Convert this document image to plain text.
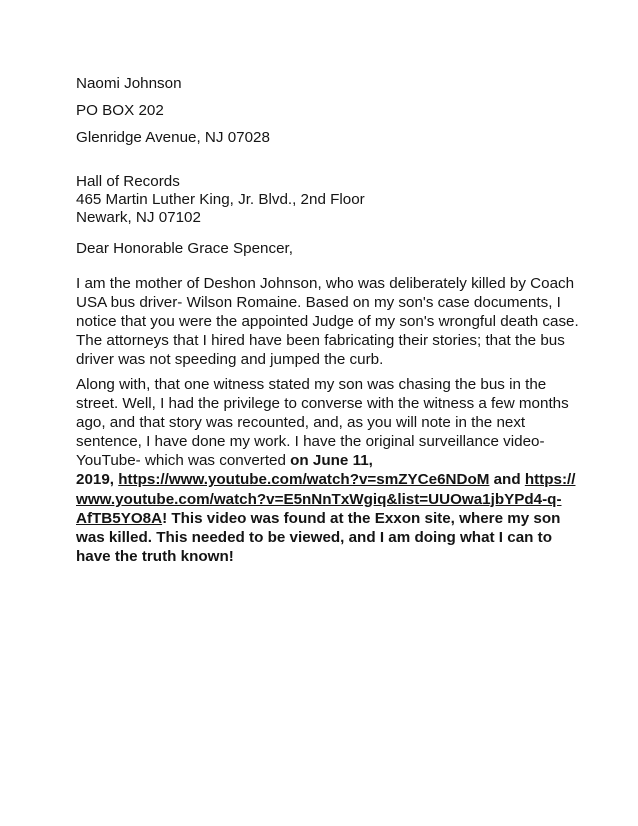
Naomi Johnson
PO BOX 202
Glenridge Avenue, NJ 07028
Hall of Records
465 Martin Luther King, Jr. Blvd., 2nd Floor
Newark, NJ 07102
Dear Honorable Grace Spencer,
I am the mother of Deshon Johnson, who was deliberately killed by Coach
USA bus driver- Wilson Romaine. Based on my son's case documents, I
notice that you were the appointed Judge of my son's wrongful death case.
The attorneys that I hired have been fabricating their stories; that the bus
driver was not speeding and jumped the curb.
Along with, that one witness stated my son was chasing the bus in the
street. Well, I had the privilege to converse with the witness a few months
ago, and that story was recounted, and, as you will note in the next
sentence, I have done my work. I have the original surveillance video-
YouTube- which was converted on June 11,
2019, https://www.youtube.com/watch?v=smZYCe6NDoM and https://
www.youtube.com/watch?v=E5nNnTxWgiq&list=UUOwa1jbYPd4-q-
AfTB5YO8A! This video was found at the Exxon site, where my son
was killed. This needed to be viewed, and I am doing what I can to
have the truth known!
